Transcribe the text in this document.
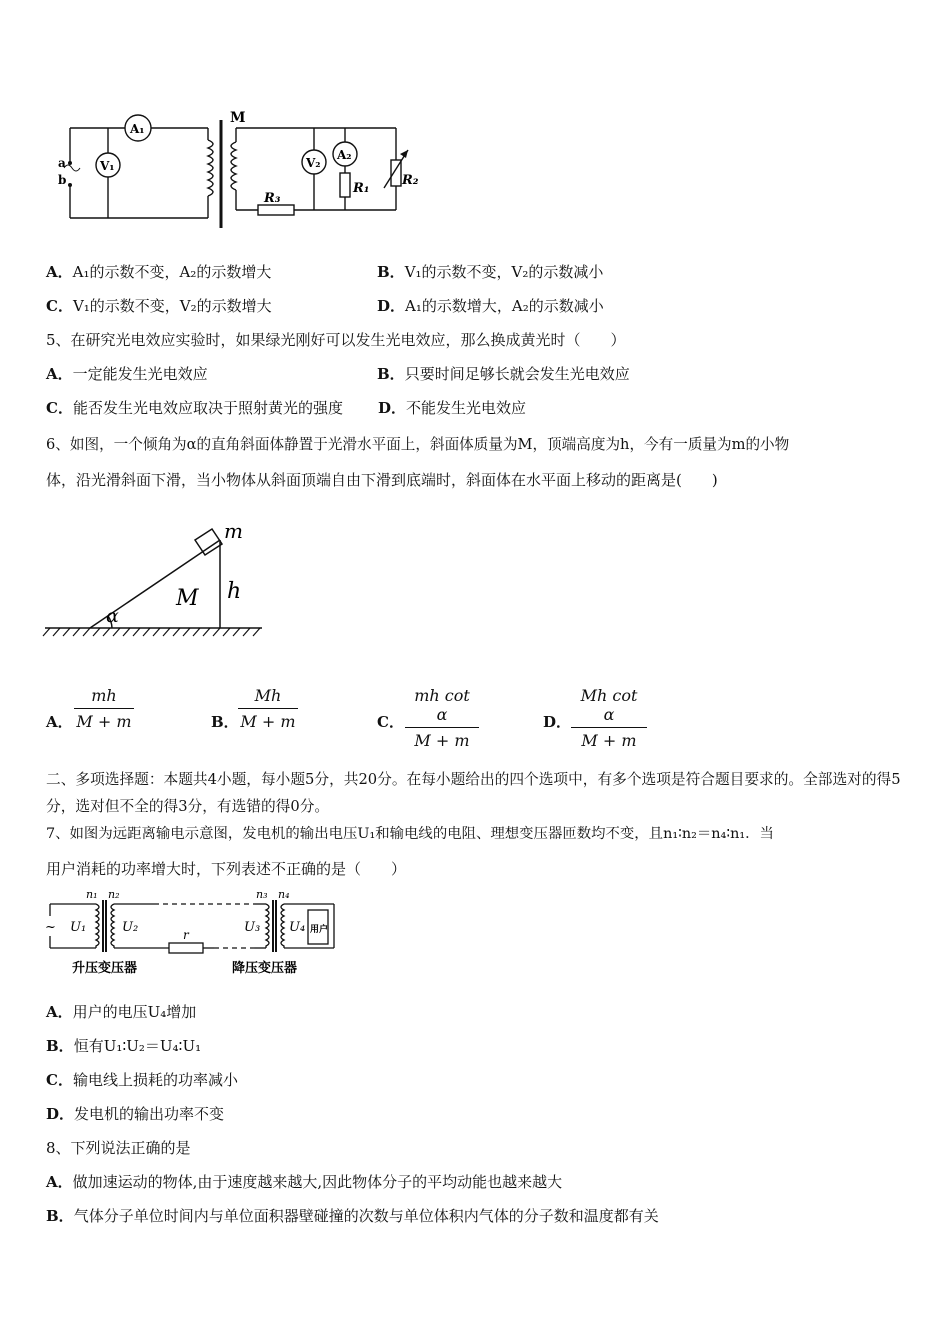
a
b
A₁
V₁
M
V₂
A₂
R₁
R₂
R₃
A．A₁的示数不变，A₂的示数增大	B．V₁的示数不变，V₂的示数减小
C．V₁的示数不变，V₂的示数增大	D．A₁的示数增大，A₂的示数减小
5、在研究光电效应实验时，如果绿光刚好可以发生光电效应，那么换成黄光时（　　）
A．一定能发生光电效应	B．只要时间足够长就会发生光电效应
C．能否发生光电效应取决于照射黄光的强度 D．不能发生光电效应
6、如图，一个倾角为α的直角斜面体静置于光滑水平面上，斜面体质量为M，顶端高度为h，今有一质量为m的小物
体，沿光滑斜面下滑，当小物体从斜面顶端自由下滑到底端时，斜面体在水平面上移动的距离是(　　)
m
M h
α
A． $\frac{mh}{M + m}$	B． $\frac{Mh}{M + m}$	C． $\frac{\text{mh cot α}}{M + m}$	D． $\frac{\text{Mh cot α}}{M + m}$
二、多项选择题：本题共4小题，每小题5分，共20分。在每小题给出的四个选项中，有多个选项是符合题目要求的。全部选对的得5分，选对但不全的得3分，有选错的得0分。
7、如图为远距离输电示意图，发电机的输出电压U₁和输电线的电阻、理想变压器匝数均不变，且n₁∶n₂＝n₄∶n₁．当
用户消耗的功率增大时，下列表述不正确的是（　　）
~
n₁ n₂	n₃ n₄
U₁	U₂	U₃ U₄
r	用户
升压变压器	降压变压器
A．用户的电压U₄增加
B．恒有U₁∶U₂＝U₄∶U₁
C．输电线上损耗的功率减小
D．发电机的输出功率不变
8、下列说法正确的是
A．做加速运动的物体,由于速度越来越大,因此物体分子的平均动能也越来越大
B．气体分子单位时间内与单位面积器壁碰撞的次数与单位体积内气体的分子数和温度都有关
